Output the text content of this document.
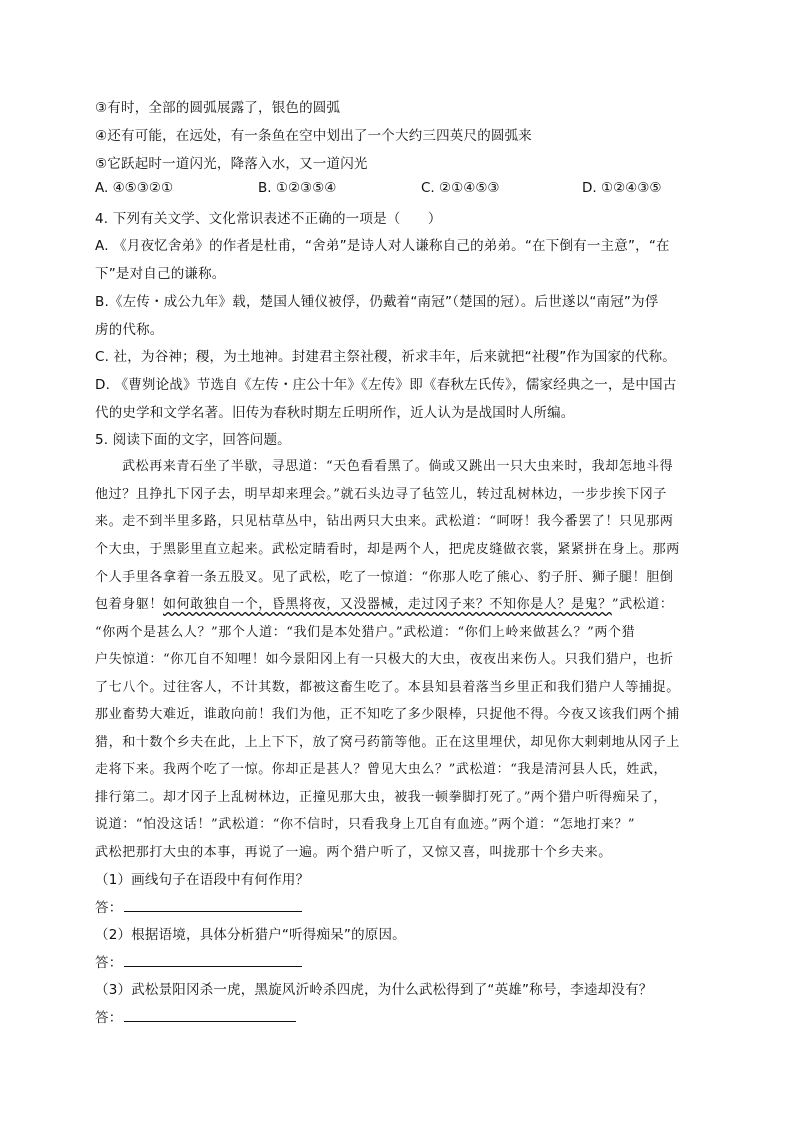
③有时，全部的圆弧展露了，银色的圆弧
④还有可能，在远处，有一条鱼在空中划出了一个大约三四英尺的圆弧来
⑤它跃起时一道闪光，降落入水，又一道闪光
A. ④⑤③②①	B. ①②③⑤④	C. ②①④⑤③	D. ①②④③⑤
4. 下列有关文学、文化常识表述不正确的一项是（　　）
A. 《月夜忆舍弟》的作者是杜甫，“舍弟”是诗人对人谦称自己的弟弟。“在下倒有一主意”，“在
下”是对自己的谦称。
B.《左传・成公九年》载，楚国人锺仪被俘，仍戴着“南冠”（楚国的冠）。后世遂以“南冠”为俘
虏的代称。
C. 社，为谷神；稷，为土地神。封建君主祭社稷，祈求丰年，后来就把“社稷”作为国家的代称。
D. 《曹刿论战》节选自《左传・庄公十年》《左传》即《春秋左氏传》，儒家经典之一，是中国古
代的史学和文学名著。旧传为春秋时期左丘明所作，近人认为是战国时人所编。
5. 阅读下面的文字，回答问题。
武松再来青石坐了半歇，寻思道：“天色看看黑了。倘或又跳出一只大虫来时，我却怎地斗得
他过？且挣扎下冈子去，明早却来理会。”就石头边寻了毡笠儿，转过乱树林边，一步步挨下冈子
来。走不到半里多路，只见枯草丛中，钻出两只大虫来。武松道：“呵呀！我今番罢了！只见那两
个大虫，于黑影里直立起来。武松定睛看时，却是两个人，把虎皮缝做衣裳，紧紧拼在身上。那两
个人手里各拿着一条五股叉。见了武松，吃了一惊道：“你那人吃了熊心、豹子肝、狮子腿！胆倒
包着身躯！如何敢独自一个，昏黑将夜，又没器械，走过冈子来？不知你是人？是鬼？”武松道：
“你两个是甚么人？”那个人道：“我们是本处猎户。”武松道：“你们上岭来做甚么？”两个猎
户失惊道：“你兀自不知哩！如今景阳冈上有一只极大的大虫，夜夜出来伤人。只我们猎户，也折
了七八个。过往客人，不计其数，都被这畜生吃了。本县知县着落当乡里正和我们猎户人等捕捉。
那业畜势大难近，谁敢向前！我们为他，正不知吃了多少限棒，只捉他不得。今夜又该我们两个捕
猎，和十数个乡夫在此，上上下下，放了窝弓药箭等他。正在这里埋伏，却见你大剌剌地从冈子上
走将下来。我两个吃了一惊。你却正是甚人？曾见大虫么？”武松道：“我是清河县人氏，姓武，
排行第二。却才冈子上乱树林边，正撞见那大虫，被我一顿拳脚打死了。”两个猎户听得痴呆了，
说道：“怕没这话！”武松道：“你不信时，只看我身上兀自有血迹。”两个道：“怎地打来？”
武松把那打大虫的本事，再说了一遍。两个猎户听了，又惊又喜，叫拢那十个乡夫来。
（1）画线句子在语段中有何作用？
答：
（2）根据语境，具体分析猎户“听得痴呆”的原因。
答：
（3）武松景阳冈杀一虎，黑旋风沂岭杀四虎，为什么武松得到了“英雄”称号，李逵却没有？
答：
